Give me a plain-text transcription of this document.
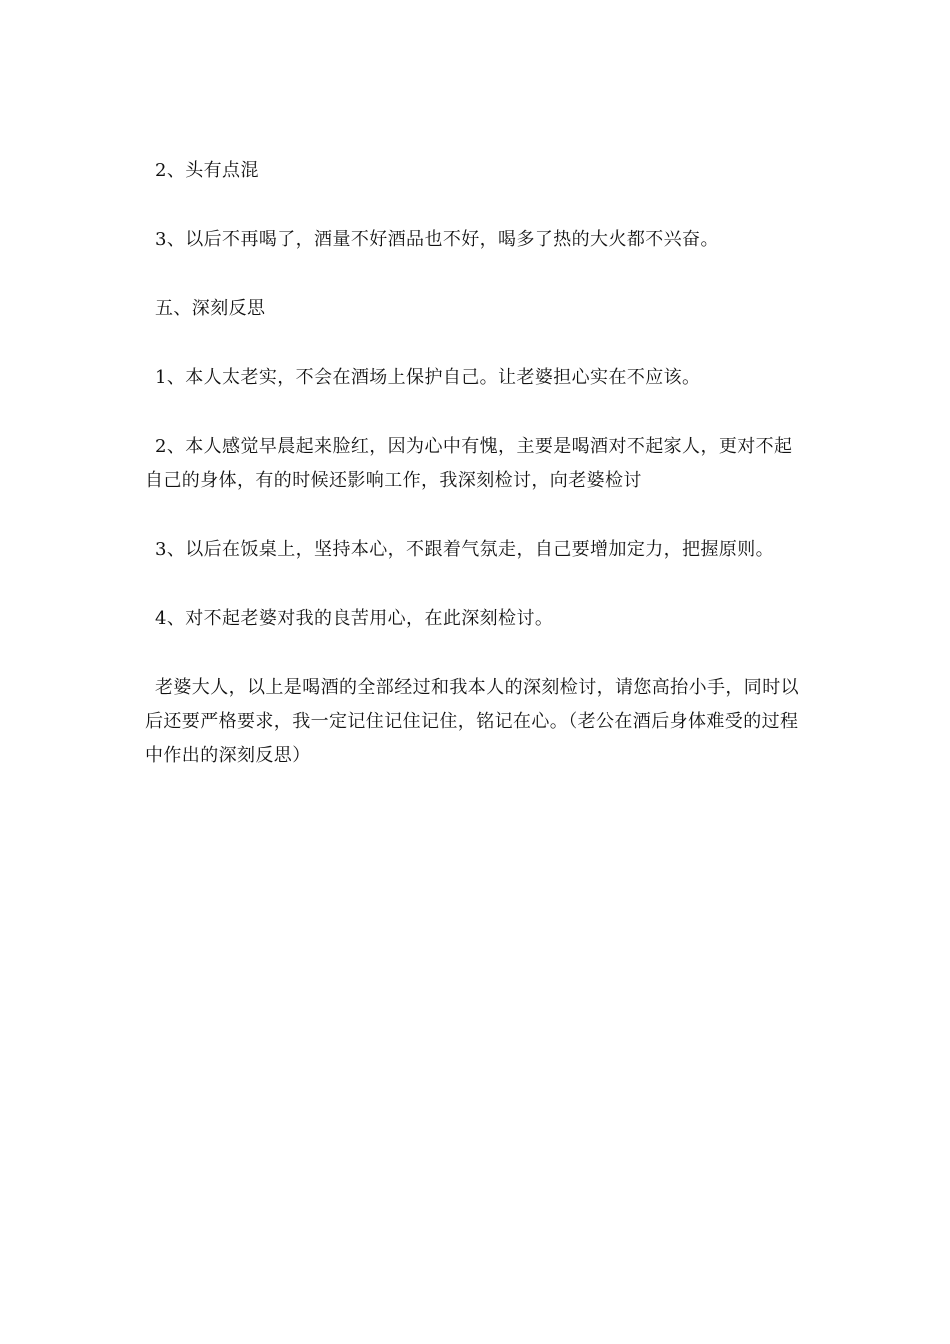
2、头有点混

3、以后不再喝了，酒量不好酒品也不好，喝多了热的大火都不兴奋。

五、深刻反思

1、本人太老实，不会在酒场上保护自己。让老婆担心实在不应该。

2、本人感觉早晨起来脸红，因为心中有愧，主要是喝酒对不起家人，更对不起自己的身体，有的时候还影响工作，我深刻检讨，向老婆检讨

3、以后在饭桌上，坚持本心，不跟着气氛走，自己要增加定力，把握原则。

4、对不起老婆对我的良苦用心，在此深刻检讨。

老婆大人，以上是喝酒的全部经过和我本人的深刻检讨，请您高抬小手，同时以后还要严格要求，我一定记住记住记住，铭记在心。（老公在酒后身体难受的过程中作出的深刻反思）
